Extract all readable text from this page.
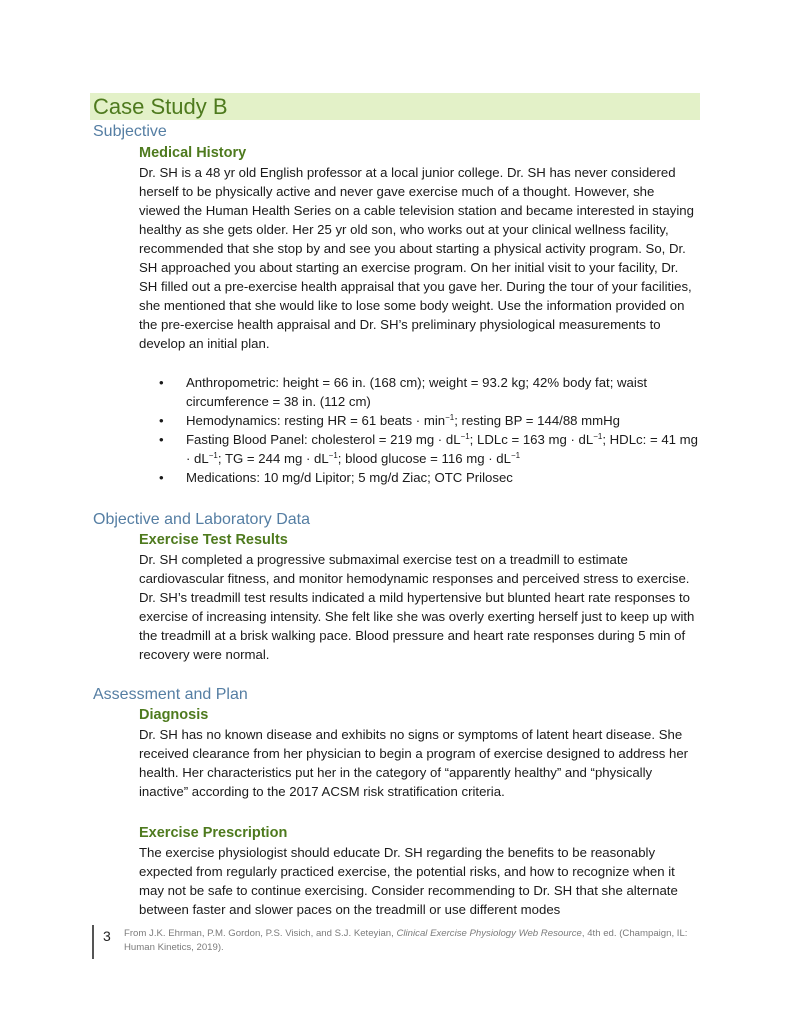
Case Study B
Subjective
Medical History

Dr. SH is a 48 yr old English professor at a local junior college. Dr. SH has never considered herself to be physically active and never gave exercise much of a thought. However, she viewed the Human Health Series on a cable television station and became interested in staying healthy as she gets older. Her 25 yr old son, who works out at your clinical wellness facility, recommended that she stop by and see you about starting a physical activity program. So, Dr. SH approached you about starting an exercise program. On her initial visit to your facility, Dr. SH filled out a pre-exercise health appraisal that you gave her. During the tour of your facilities, she mentioned that she would like to lose some body weight. Use the information provided on the pre-exercise health appraisal and Dr. SH’s preliminary physiological measurements to develop an initial plan.

• Anthropometric: height = 66 in. (168 cm); weight = 93.2 kg; 42% body fat; waist circumference = 38 in. (112 cm)
• Hemodynamics: resting HR = 61 beats · $\min^{-1}$; resting BP = 144/88 mmHg
• Fasting Blood Panel: cholesterol = 219 mg · $dL^{-1}$; LDLc = 163 mg · $dL^{-1}$; HDLc: = 41 mg · $dL^{-1}$; TG = 244 mg · $dL^{-1}$; blood glucose = 116 mg · $dL^{-1}$
• Medications: 10 mg/d Lipitor; 5 mg/d Ziac; OTC Prilosec
Objective and Laboratory Data
Exercise Test Results

Dr. SH completed a progressive submaximal exercise test on a treadmill to estimate cardiovascular fitness, and monitor hemodynamic responses and perceived stress to exercise. Dr. SH’s treadmill test results indicated a mild hypertensive but blunted heart rate responses to exercise of increasing intensity. She felt like she was overly exerting herself just to keep up with the treadmill at a brisk walking pace. Blood pressure and heart rate responses during 5 min of recovery were normal.

Assessment and Plan
Diagnosis

Dr. SH has no known disease and exhibits no signs or symptoms of latent heart disease. She received clearance from her physician to begin a program of exercise designed to address her health. Her characteristics put her in the category of “apparently healthy” and “physically inactive” according to the 2017 ACSM risk stratification criteria.

Exercise Prescription

The exercise physiologist should educate Dr. SH regarding the benefits to be reasonably expected from regularly practiced exercise, the potential risks, and how to recognize when it may not be safe to continue exercising. Consider recommending to Dr. SH that she alternate between faster and slower paces on the treadmill or use different modes

3 From J.K. Ehrman, P.M. Gordon, P.S. Visich, and S.J. Keteyian, Clinical Exercise Physiology Web Resource, 4th ed. (Champaign, IL: Human Kinetics, 2019).
